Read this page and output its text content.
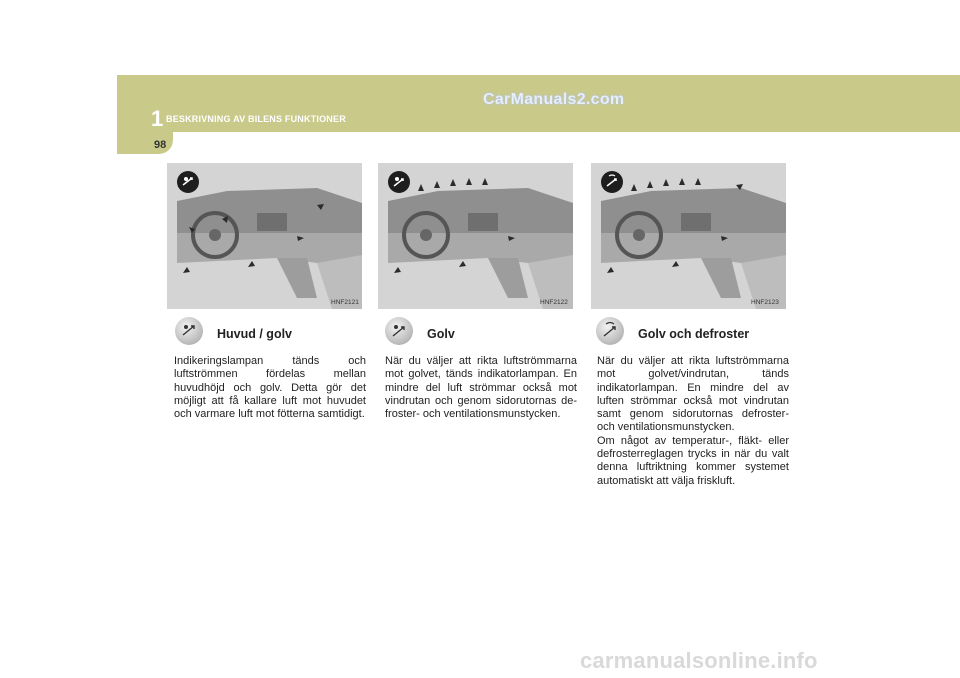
1 BESKRIVNING AV BILENS FUNKTIONER
98
CarManuals2.com
HNF2121	HNF2122	HNF2123
Huvud / golv	Golv	Golv och defroster

Indikeringslampan tänds och luftströmmen fördelas mellan huvudhöjd och golv. Detta gör det möjligt att få kallare luft mot huvudet och varmare luft mot fötterna samtidigt.

När du väljer att rikta luftströmmarna mot golvet, tänds indikatorlampan. En mindre del luft strömmar också mot vindrutan och genom sidorutornas de-froster- och ventilationsmunstycken.

När du väljer att rikta luftströmmarna mot golvet/vindrutan, tänds indikatorlampan. En mindre del av luften strömmar också mot vindrutan samt genom sidorutornas defroster- och ventilationsmunstycken.

Om något av temperatur-, fläkt- eller defrosterreglagen trycks in när du valt denna luftriktning kommer systemet automatiskt att välja friskluft.

carmanualsonline.info
